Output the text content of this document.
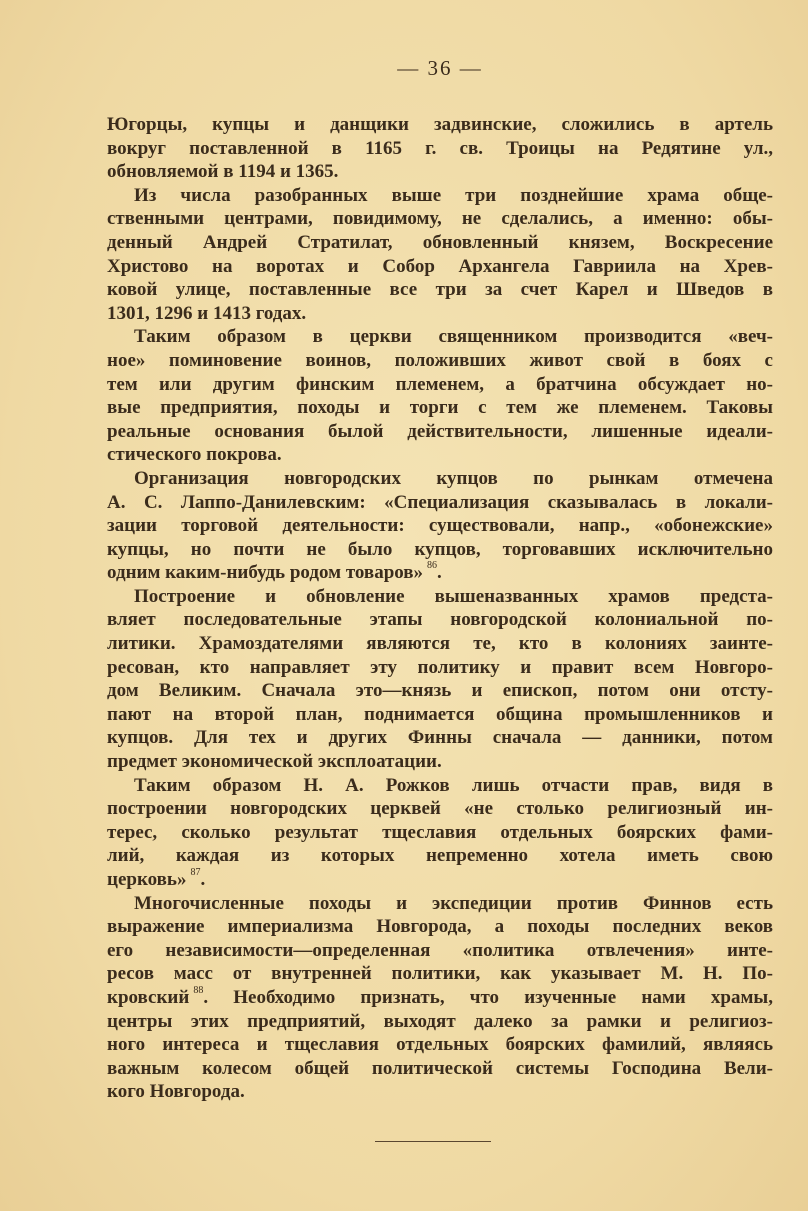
— 36 —
Югорцы, купцы и данщики задвинские, сложились в артель
вокруг поставленной в 1165 г. св. Троицы на Редятине ул.,
обновляемой в 1194 и 1365.
Из числа разобранных выше три позднейшие храма обще-
ственными центрами, повидимому, не сделались, а именно: обы-
денный Андрей Стратилат, обновленный князем, Воскресение
Христово на воротах и Собор Архангела Гавриила на Хрев-
ковой улице, поставленные все три за счет Карел и Шведов в
1301, 1296 и 1413 годах.
Таким образом в церкви священником производится «веч-
ное» поминовение воинов, положивших живот свой в боях с
тем или другим финским племенем, а братчина обсуждает но-
вые предприятия, походы и торги с тем же племенем. Таковы
реальные основания былой действительности, лишенные идеали-
стического покрова.
Организация новгородских купцов по рынкам отмечена
А. С. Лаппо-Данилевским: «Специализация сказывалась в локали-
зации торговой деятельности: существовали, напр., «обонежские»
купцы, но почти не было купцов, торговавших исключительно
одним каким-нибудь родом товаров» $^{86}$.
Построение и обновление вышеназванных храмов предста-
вляет последовательные этапы новгородской колониальной по-
литики. Храмоздателями являются те, кто в колониях заинте-
ресован, кто направляет эту политику и правит всем Новгоро-
дом Великим. Сначала это—князь и епископ, потом они отсту-
пают на второй план, поднимается община промышленников и
купцов. Для тех и других Финны сначала — данники, потом
предмет экономической эксплоатации.
Таким образом Н. А. Рожков лишь отчасти прав, видя в
построении новгородских церквей «не столько религиозный ин-
терес, сколько результат тщеславия отдельных боярских фами-
лий, каждая из которых непременно хотела иметь свою
церковь» $^{87}$.
Многочисленные походы и экспедиции против Финнов есть
выражение империализма Новгорода, а походы последних веков
его независимости—определенная «политика отвлечения» инте-
ресов масс от внутренней политики, как указывает М. Н. По-
кровский $^{88}$. Необходимо признать, что изученные нами храмы,
центры этих предприятий, выходят далеко за рамки и религиоз-
ного интереса и тщеславия отдельных боярских фамилий, являясь
важным колесом общей политической системы Господина Вели-
кого Новгорода.
